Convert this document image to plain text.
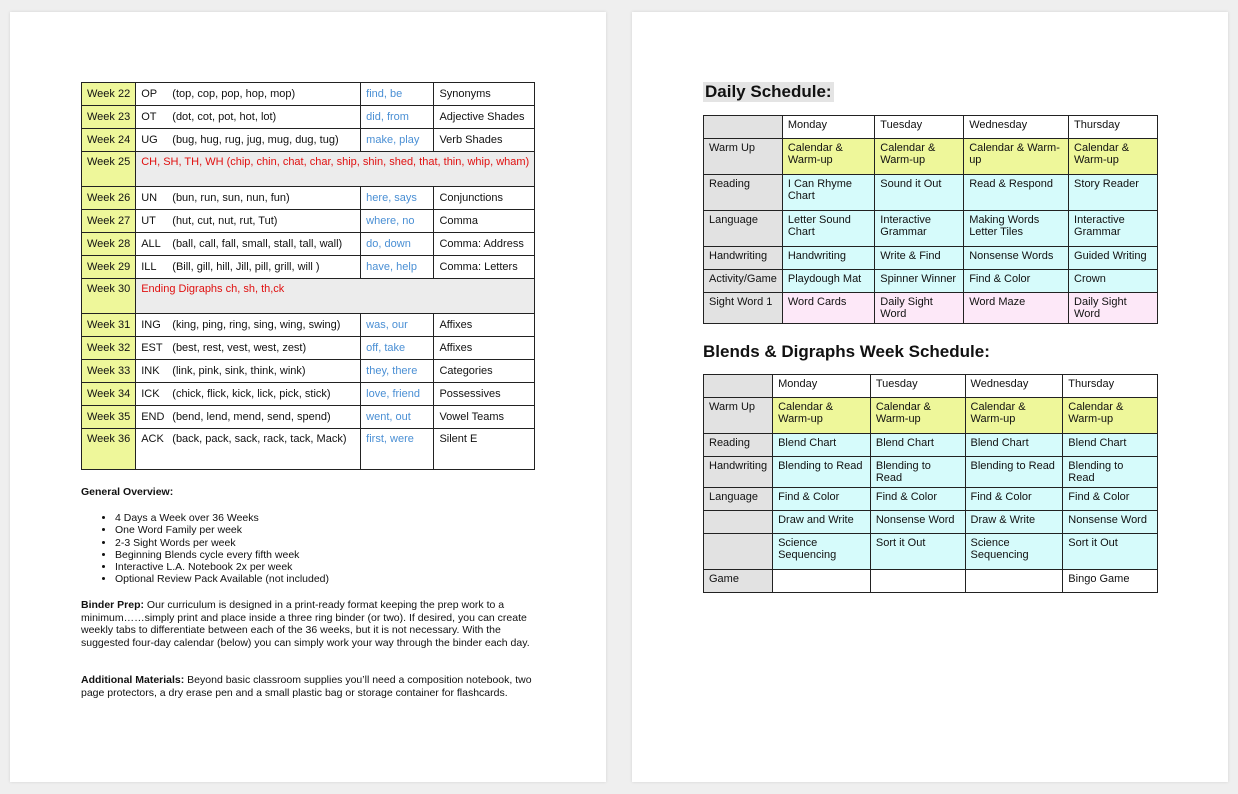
Week 22	OP (top, cop, pop, hop, mop)	find, be	Synonyms
Week 23	OT (dot, cot, pot, hot, lot)	did, from	Adjective Shades
Week 24	UG (bug, hug, rug, jug, mug, dug, tug)	make, play	Verb Shades
Week 25	CH, SH, TH, WH (chip, chin, chat, char, ship, shin, shed, that, thin, whip, wham)		
Week 26	UN (bun, run, sun, nun, fun)	here, says	Conjunctions
Week 27	UT (hut, cut, nut, rut, Tut)	where, no	Comma
Week 28	ALL (ball, call, fall, small, stall, tall, wall)	do, down	Comma: Address
Week 29	ILL (Bill, gill, hill, Jill, pill, grill, will )	have, help	Comma: Letters
Week 30	Ending Digraphs ch, sh, th,ck		
Week 31	ING (king, ping, ring, sing, wing, swing)	was, our	Affixes
Week 32	EST (best, rest, vest, west, zest)	off, take	Affixes
Week 33	INK (link, pink, sink, think, wink)	they, there	Categories
Week 34	ICK (chick, flick, kick, lick, pick, stick)	love, friend	Possessives
Week 35	END (bend, lend, mend, send, spend)	went, out	Vowel Teams
Week 36	ACK (back, pack, sack, rack, tack, Mack)	first, were	Silent E
General Overview:
• 4 Days a Week over 36 Weeks
• One Word Family per week
• 2-3 Sight Words per week
• Beginning Blends cycle every fifth week
• Interactive L.A. Notebook 2x per week
• Optional Review Pack Available (not included)
Binder Prep: Our curriculum is designed in a print-ready format keeping the prep work to a minimum……simply print and place inside a three ring binder (or two). If desired, you can create weekly tabs to differentiate between each of the 36 weeks, but it is not necessary. With the suggested four-day calendar (below) you can simply work your way through the binder each day.
Additional Materials: Beyond basic classroom supplies you’ll need a composition notebook, two page protectors, a dry erase pen and a small plastic bag or storage container for flashcards.
Daily Schedule:
	Monday	Tuesday	Wednesday	Thursday
Warm Up	Calendar & Warm-up	Calendar & Warm-up	Calendar & Warm-up	Calendar & Warm-up
Reading	I Can Rhyme Chart	Sound it Out	Read & Respond	Story Reader
Language	Letter Sound Chart	Interactive Grammar	Making Words Letter Tiles	Interactive Grammar
Handwriting	Handwriting	Write & Find	Nonsense Words	Guided Writing
Activity/Game	Playdough Mat	Spinner Winner	Find & Color	Crown
Sight Word 1	Word Cards	Daily Sight Word	Word Maze	Daily Sight Word
Blends & Digraphs Week Schedule:
	Monday	Tuesday	Wednesday	Thursday
Warm Up	Calendar & Warm-up	Calendar & Warm-up	Calendar & Warm-up	Calendar & Warm-up
Reading	Blend Chart	Blend Chart	Blend Chart	Blend Chart
Handwriting	Blending to Read	Blending to Read	Blending to Read	Blending to Read
Language	Find & Color	Find & Color	Find & Color	Find & Color
	Draw and Write	Nonsense Word	Draw & Write	Nonsense Word
	Science Sequencing	Sort it Out	Science Sequencing	Sort it Out
Game				Bingo Game
